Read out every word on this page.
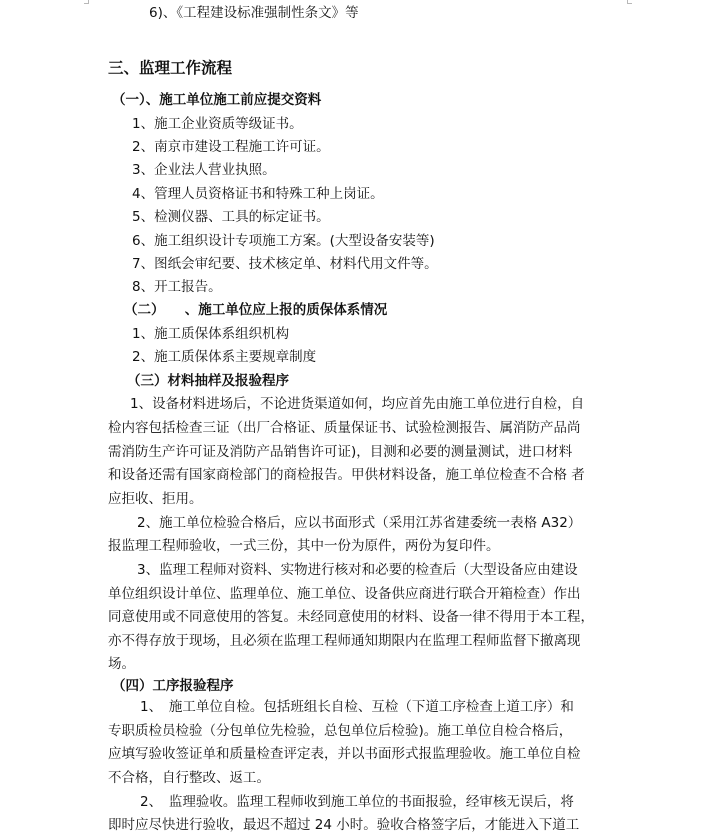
6)、《工程建设标准强制性条文》等
三、监理工作流程
（一）、施工单位施工前应提交资料
1、施工企业资质等级证书。
2、南京市建设工程施工许可证。
3、企业法人营业执照。
4、管理人员资格证书和特殊工种上岗证。
5、检测仪器、工具的标定证书。
6、施工组织设计专项施工方案。(大型设备安装等)
7、图纸会审纪要、技术核定单、材料代用文件等。
8、开工报告。
（二）　　、施工单位应上报的质保体系情况
1、施工质保体系组织机构
2、施工质保体系主要规章制度
（三）材料抽样及报验程序
1、设备材料进场后，不论进货渠道如何，均应首先由施工单位进行自检，自
检内容包括检查三证（出厂合格证、质量保证书、试验检测报告、属消防产品尚
需消防生产许可证及消防产品销售许可证)，目测和必要的测量测试，进口材料
和设备还需有国家商检部门的商检报告。甲供材料设备，施工单位检查不合格 者
应拒收、拒用。
2、施工单位检验合格后，应以书面形式（采用江苏省建委统一表格 A32）
报监理工程师验收，一式三份，其中一份为原件，两份为复印件。
3、监理工程师对资料、实物进行核对和必要的检查后（大型设备应由建设
单位组织设计单位、监理单位、施工单位、设备供应商进行联合开箱检查）作出
同意使用或不同意使用的答复。未经同意使用的材料、设备一律不得用于本工程，
亦不得存放于现场，且必须在监理工程师通知期限内在监理工程师监督下撤离现
场。
（四）工序报验程序
1、　施工单位自检。包括班组长自检、互检（下道工序检查上道工序）和
专职质检员检验（分包单位先检验，总包单位后检验)。施工单位自检合格后，
应填写验收签证单和质量检查评定表，并以书面形式报监理验收。施工单位自检
不合格，自行整改、返工。
2、　监理验收。监理工程师收到施工单位的书面报验，经审核无误后，将
即时应尽快进行验收，最迟不超过 24 小时。验收合格签字后，才能进入下道工
